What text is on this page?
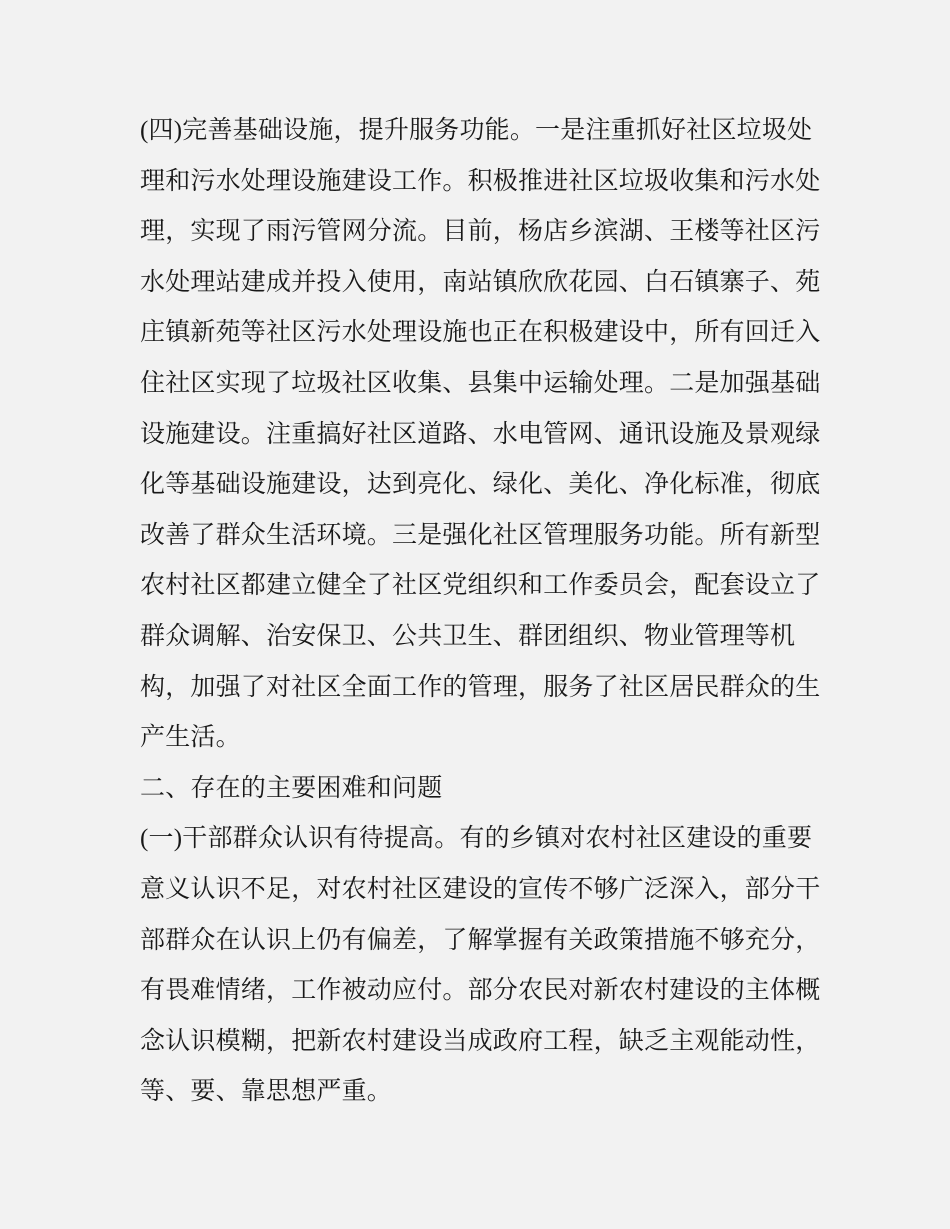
(四)完善基础设施，提升服务功能。一是注重抓好社区垃圾处
理和污水处理设施建设工作。积极推进社区垃圾收集和污水处
理，实现了雨污管网分流。目前，杨店乡滨湖、王楼等社区污
水处理站建成并投入使用，南站镇欣欣花园、白石镇寨子、苑
庄镇新苑等社区污水处理设施也正在积极建设中，所有回迁入
住社区实现了垃圾社区收集、县集中运输处理。二是加强基础
设施建设。注重搞好社区道路、水电管网、通讯设施及景观绿
化等基础设施建设，达到亮化、绿化、美化、净化标准，彻底
改善了群众生活环境。三是强化社区管理服务功能。所有新型
农村社区都建立健全了社区党组织和工作委员会，配套设立了
群众调解、治安保卫、公共卫生、群团组织、物业管理等机
构，加强了对社区全面工作的管理，服务了社区居民群众的生
产生活。
二、存在的主要困难和问题
(一)干部群众认识有待提高。有的乡镇对农村社区建设的重要
意义认识不足，对农村社区建设的宣传不够广泛深入，部分干
部群众在认识上仍有偏差，了解掌握有关政策措施不够充分，
有畏难情绪，工作被动应付。部分农民对新农村建设的主体概
念认识模糊，把新农村建设当成政府工程，缺乏主观能动性，
等、要、靠思想严重。
